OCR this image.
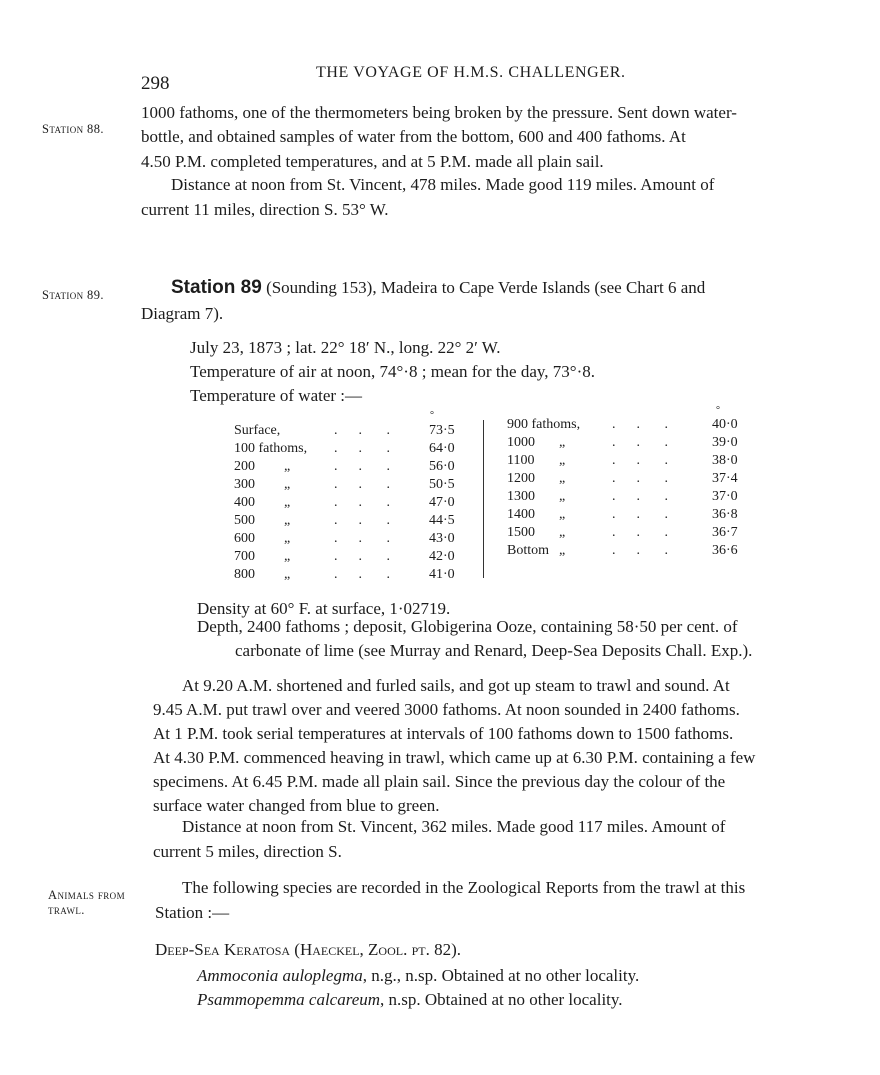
298
THE VOYAGE OF H.M.S. CHALLENGER.
Station 88.
1000 fathoms, one of the thermometers being broken by the pressure. Sent down water-
bottle, and obtained samples of water from the bottom, 600 and 400 fathoms. At
4.50 P.M. completed temperatures, and at 5 P.M. made all plain sail.
Distance at noon from St. Vincent, 478 miles. Made good 119 miles. Amount of
current 11 miles, direction S. 53° W.
Station 89.	Station 89 (Sounding 153), Madeira to Cape Verde Islands (see Chart 6 and
Diagram 7).
July 23, 1873 ; lat. 22° 18′ N., long. 22° 2′ W.
Temperature of air at noon, 74°·8 ; mean for the day, 73°·8.
Temperature of water :—
Surface,	.      .       .	73·5
100 fathoms, .      .       .	64·0
200 „	.      .       .	56·0
300 „	.      .       .	50·5
400 „	.      .       .	47·0
500 „	.      .       .	44·5
600 „	.      .       .	43·0
700 „	.      .       .	42·0
800 „	.      .       .	41·0
°
900 fathoms, .      .       .	40·0
1000 „	.      .       .	39·0
1100 „	.      .       .	38·0
1200 „	.      .       .	37·4
1300 „	.      .       .	37·0
1400 „	.      .       .	36·8
1500 „	.      .       .	36·7
Bottom „	.      .       .	36·6
°
Density at 60° F. at surface, 1·02719.
Depth, 2400 fathoms ; deposit, Globigerina Ooze, containing 58·50 per cent. of
carbonate of lime (see Murray and Renard, Deep-Sea Deposits Chall. Exp.).
At 9.20 A.M. shortened and furled sails, and got up steam to trawl and sound. At
9.45 A.M. put trawl over and veered 3000 fathoms. At noon sounded in 2400 fathoms.
At 1 P.M. took serial temperatures at intervals of 100 fathoms down to 1500 fathoms.
At 4.30 P.M. commenced heaving in trawl, which came up at 6.30 P.M. containing a few
specimens. At 6.45 P.M. made all plain sail. Since the previous day the colour of the
surface water changed from blue to green.
Distance at noon from St. Vincent, 362 miles. Made good 117 miles. Amount of
current 5 miles, direction S.
Animals from
trawl.
The following species are recorded in the Zoological Reports from the trawl at this
Station :—
Deep-Sea Keratosa (Haeckel, Zool. pt. 82).
Ammoconia auloplegma, n.g., n.sp. Obtained at no other locality.
Psammopemma calcareum, n.sp. Obtained at no other locality.
